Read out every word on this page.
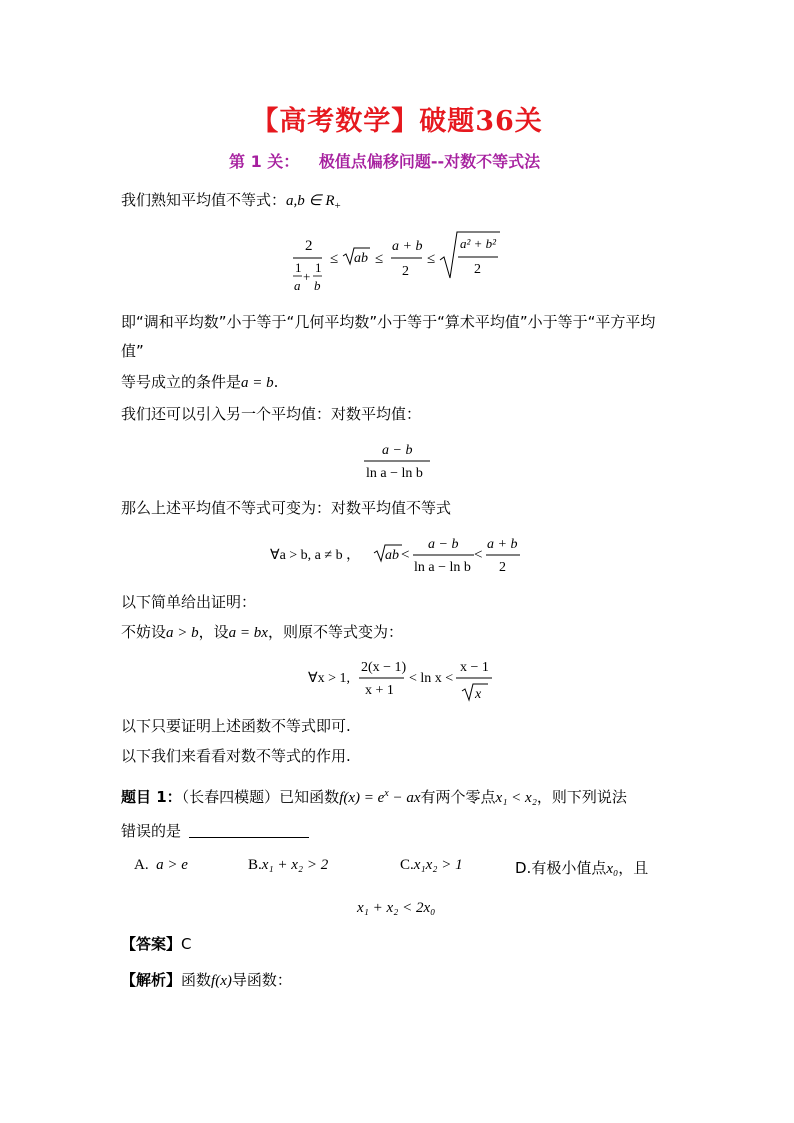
【高考数学】破题36关
第 1 关： 极值点偏移问题--对数不等式法
我们熟知平均值不等式：a,b ∈ $R_+$
2
1
a
+
1
b
≤ ab ≤
a + b
2
≤
a² + b²
2
即“调和平均数”小于等于“几何平均数”小于等于“算术平均值”小于等于“平方平均
值”
等号成立的条件是a = b.
我们还可以引入另一个平均值：对数平均值：
a − b
ln a − ln b
那么上述平均值不等式可变为：对数平均值不等式
∀a > b, a ≠ b ， ab <
a − b
ln a − ln b
<
a + b
2
以下简单给出证明：
不妨设a > b，设a = bx，则原不等式变为：
∀x > 1,
2(x − 1)
x + 1
< ln x <
x − 1
x
以下只要证明上述函数不等式即可.
以下我们来看看对数不等式的作用.
题目 1：（长春四模题）已知函数$f(x) = e^x$ − ax有两个零点x₁ < x₂，则下列说法
错误的是
A. a > e	B.x₁ + x₂ > 2	C.x₁x₂ > 1	D.有极小值点x₀，且
x₁ + x₂ < 2x₀
【答案】C
【解析】函数f(x)导函数：
